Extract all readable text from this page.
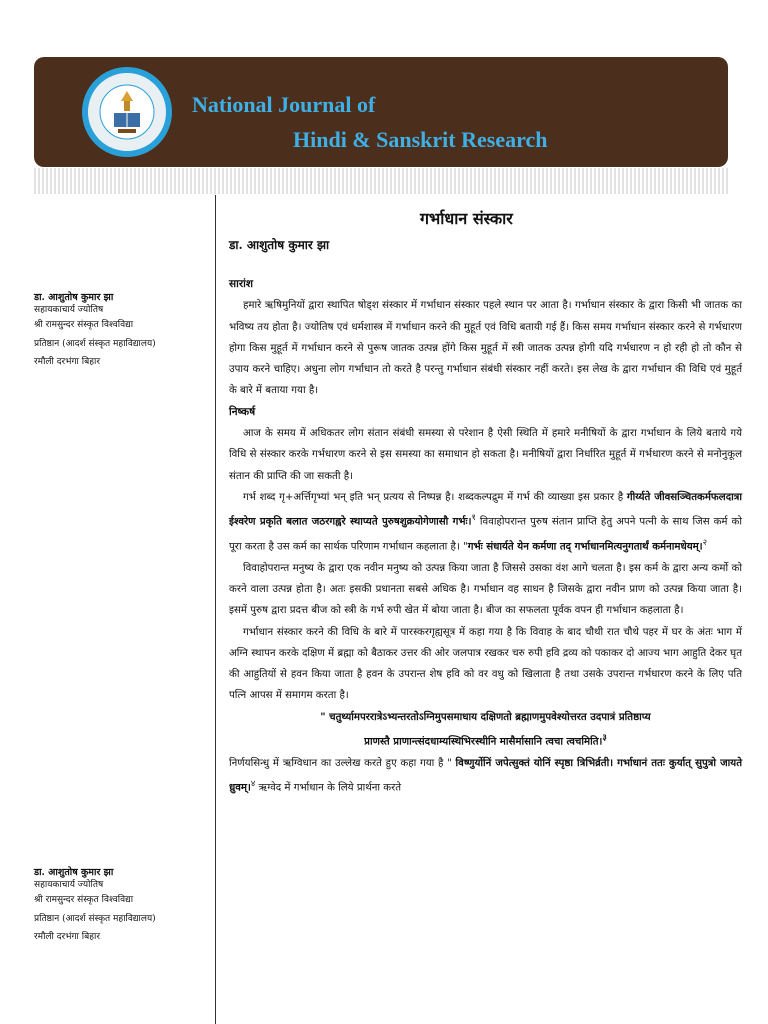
National Journal of
Hindi & Sanskrit Research
डा. आशुतोष कुमार झा
सहायकाचार्य ज्योतिष
श्री रामसुन्दर संस्कृत विश्वविद्या
प्रतिष्ठान (आदर्श संस्कृत महाविद्यालय)
रमौली दरभंगा बिहार
डा. आशुतोष कुमार झा
सहायकाचार्य ज्योतिष
श्री रामसुन्दर संस्कृत विश्वविद्या
प्रतिष्ठान (आदर्श संस्कृत महाविद्यालय)
रमौली दरभंगा बिहार
गर्भाधान संस्कार
डा. आशुतोष कुमार झा
सारांश

हमारे ऋषिमुनियों द्वारा स्थापित षोड्श संस्कार में गर्भाधान संस्कार पहले स्थान पर आता है। गर्भाधान संस्कार के द्वारा किसी भी जातक का भविष्य तय होता है। ज्योतिष एवं धर्मशास्त्र में गर्भाधान करने की मुहूर्त एवं विधि बतायी गई हैं। किस समय गर्भाधान संस्कार करने से गर्भधारण होगा किस मुहूर्त में गर्भाधान करने से पुरूष जातक उत्पन्न होंगे किस मुहूर्त में स्त्री जातक उत्पन्न होगी यदि गर्भधारण न हो रही हो तो कौन से उपाय करने चाहिए। अधुना लोग गर्भाधान तो करते है परन्तु गर्भाधान संबंधी संस्कार नहीं करते। इस लेख के द्वारा गर्भाधान की विधि एवं मुहूर्त के बारे में बताया गया है।

निष्कर्ष

आज के समय में अधिकतर लोग संतान संबंधी समस्या से परेशान है ऐसी स्थिति में हमारे मनीषियों के द्वारा गर्भाधान के लिये बताये गये विधि से संस्कार करके गर्भधारण करने से इस समस्या का समाधान हो सकता है। मनीषियों द्वारा निर्धारित मुहूर्त में गर्भधारण करने से मनोनुकूल संतान की प्राप्ति की जा सकती है।

गर्भ शब्द गृ+अर्त्तिगृभ्यां भन् इति भन् प्रत्यय से निष्पन्न है। शब्दकल्पद्रुम में गर्भ की व्याख्या इस प्रकार है गीर्य्यते जीवसञ्चितकर्मफलदात्रा ईश्वरेण प्रकृति बलात जठरगह्वरे स्थाप्यते पुरुषशुक्रयोगेणासौ गर्भः।$^१$ विवाहोपरान्त पुरुष संतान प्राप्ति हेतु अपने पत्नी के साथ जिस कर्म को पूरा करता है उस कर्म का सार्थक परिणाम गर्भाधान कहलाता है। "गर्भः संधार्यते येन कर्मणा तद् गर्भाधानमित्यनुगतार्थं कर्मनामधेयम्।$^२$

विवाहोपरान्त मनुष्य के द्वारा एक नवीन मनुष्य को उत्पन्न किया जाता है जिससे उसका वंश आगे चलता है। इस कर्म के द्वारा अन्य कर्मो को करने वाला उत्पन्न होता है। अतः इसकी प्रधानता सबसे अधिक है। गर्भाधान वह साधन है जिसके द्वारा नवीन प्राण को उत्पन्न किया जाता है। इसमें पुरुष द्वारा प्रदत्त बीज को स्त्री के गर्भ रुपी खेत में बोया जाता है। बीज का सफलता पूर्वक वपन ही गर्भाधान कहलाता है।

गर्भाधान संस्कार करने की विधि के बारे में पारस्करगृह्यसूत्र में कहा गया है कि विवाह के बाद चौथी रात चौथे पहर में घर के अंतः भाग में अग्नि स्थापन करके दक्षिण में ब्रह्मा को बैठाकर उत्तर की ओर जलपात्र रखकर चरु रुपी हवि द्रव्य को पकाकर दो आज्य भाग आहुति देकर घृत की आहुतियों से हवन किया जाता है हवन के उपरान्त शेष हवि को वर वधु को खिलाता है तथा उसके उपरान्त गर्भधारण करने के लिए पति पत्नि आपस में समागम करता है।

" चतुर्थ्यामपररात्रेऽभ्यन्तरतोऽग्निमुपसमाधाय दक्षिणतो ब्रह्माणमुपवेश्योत्तरत उदपात्रं प्रतिष्ठाप्य

प्राणस्तै प्राणान्त्संदधाम्यस्थिभिरस्थीनि मासैर्मासानि त्वचा त्वचमिति।$^३$

निर्णयसिन्धु में ऋग्विधान का उल्लेख करते हुए कहा गया है " विष्णुर्योनिं जपेत्सुक्तं योनिं स्पृष्ठा त्रिभिर्व्रती। गर्भाधानं ततः कुर्यात् सुपुत्रो जायते ध्रुवम्।$^४$ ऋग्वेद में गर्भाधान के लिये प्रार्थना करते
